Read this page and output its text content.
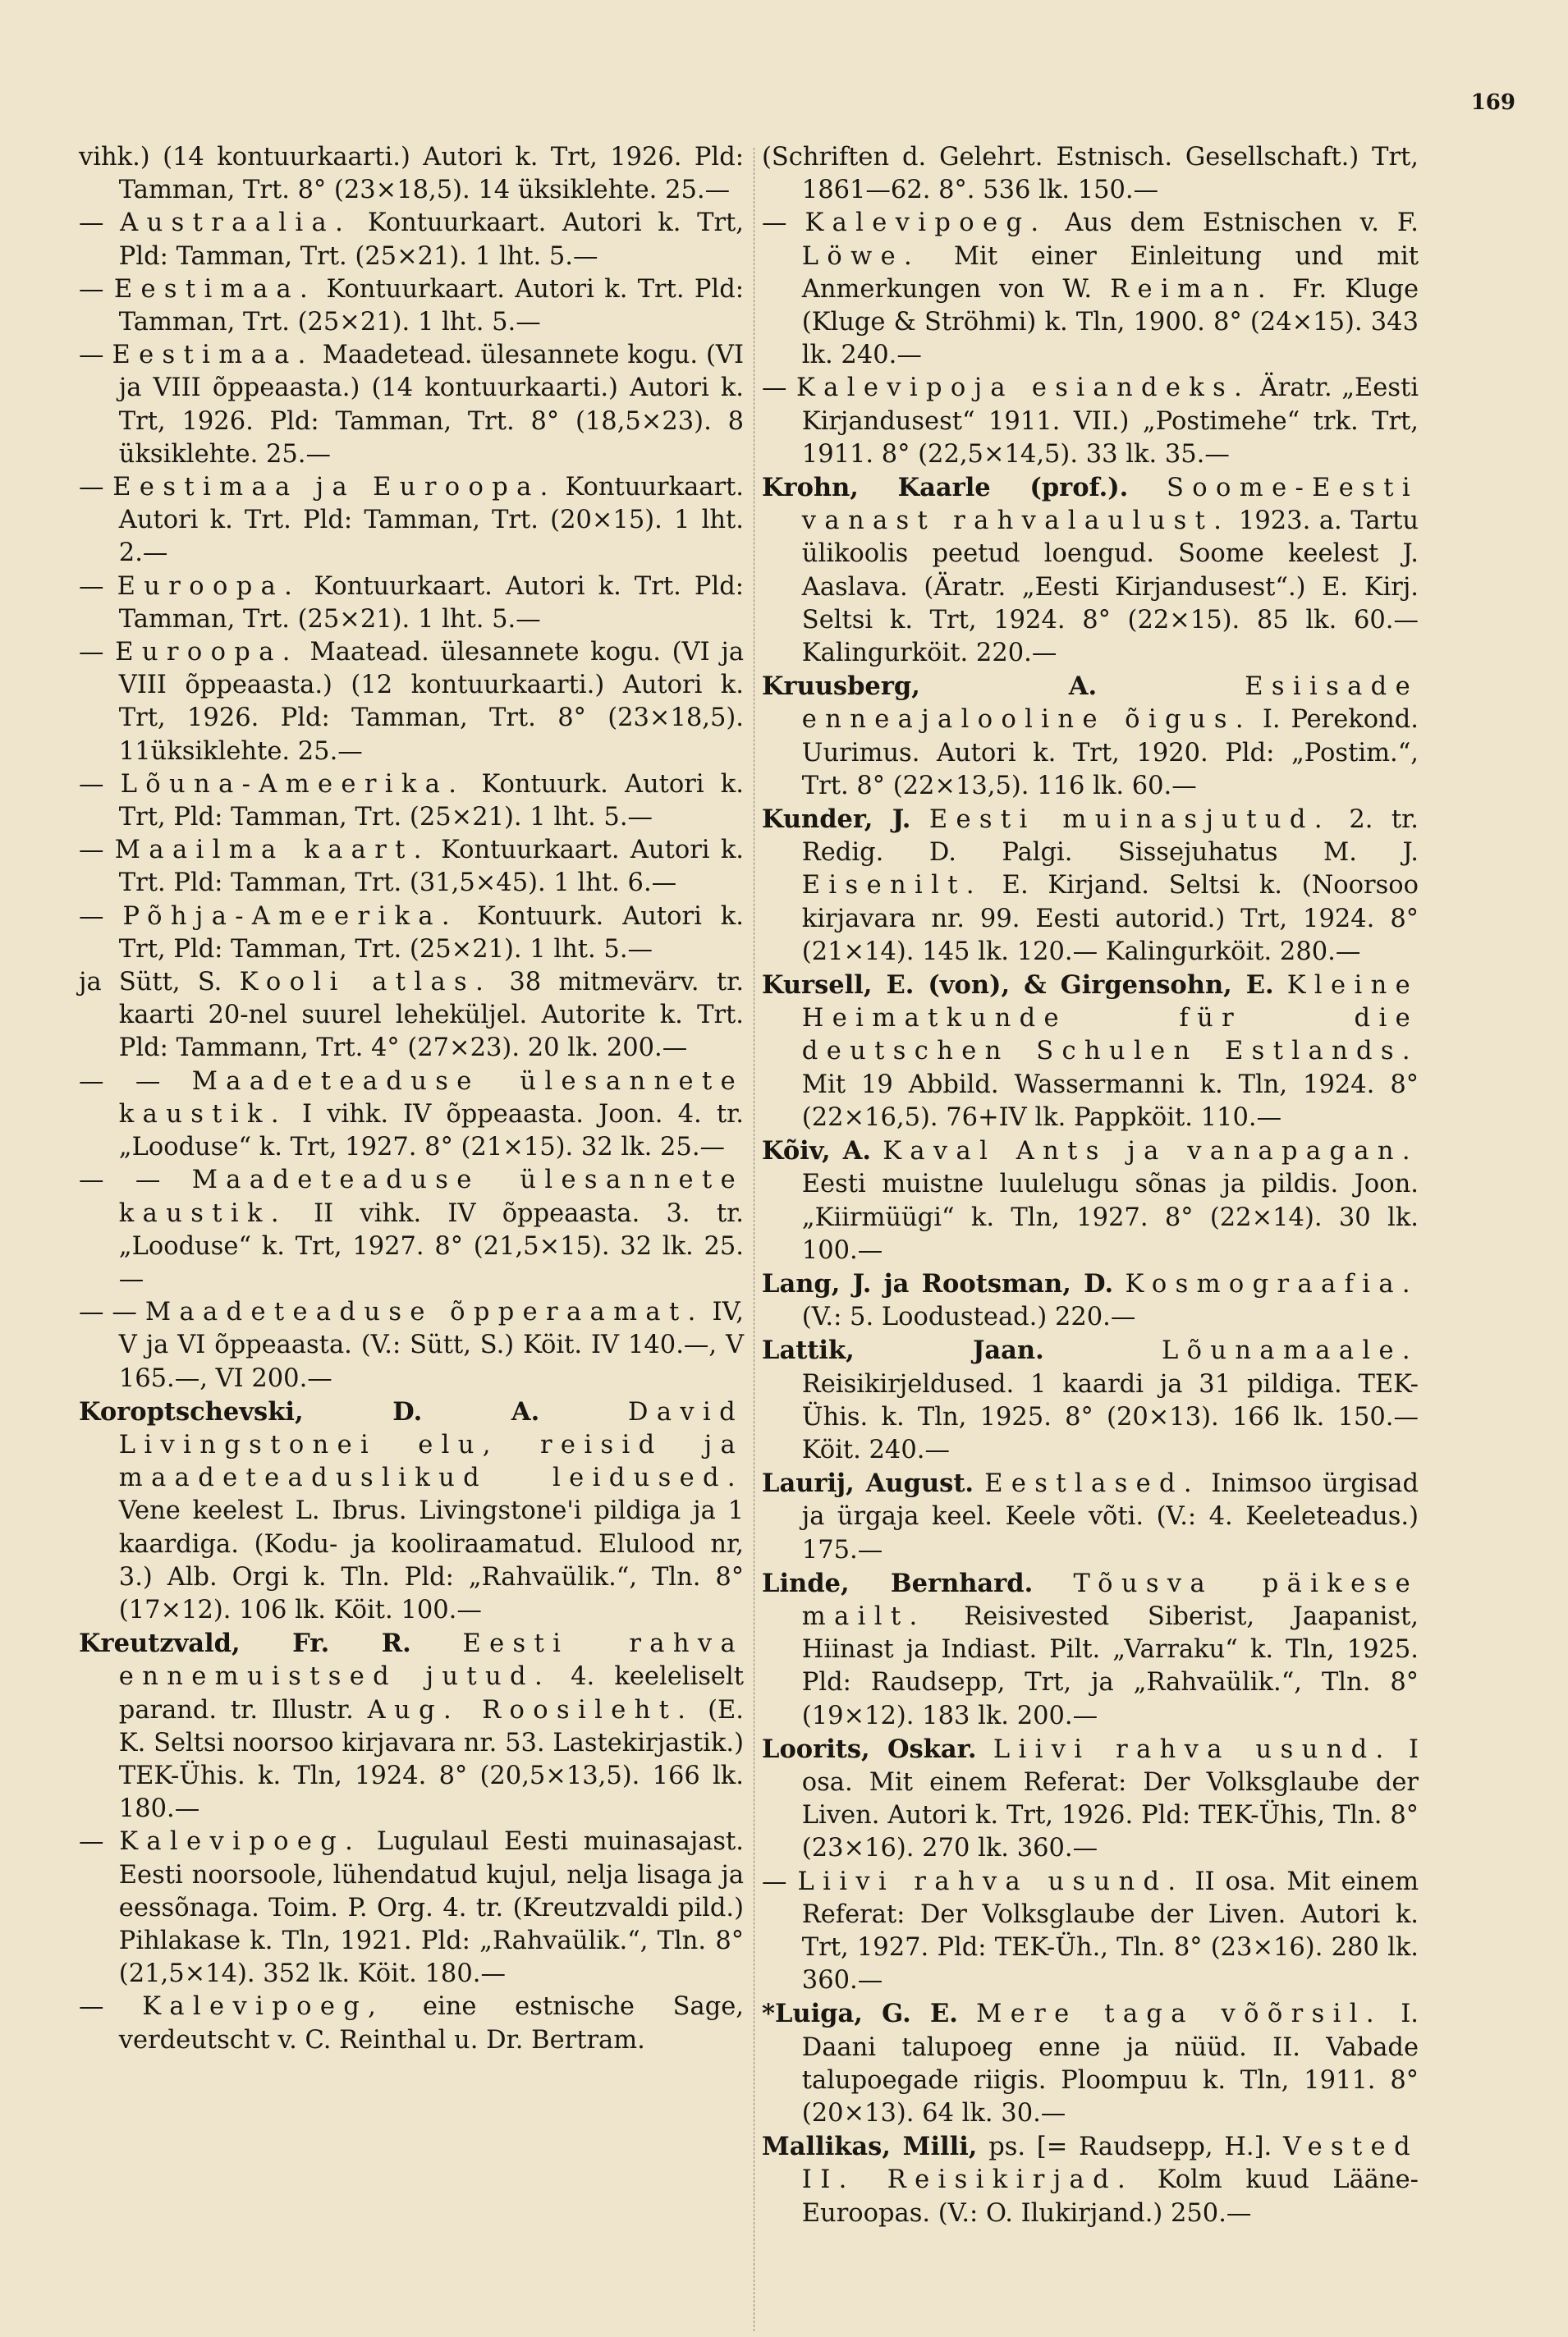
169

vihk.) (14 kontuurkaarti.) Autori k. Trt, 1926. Pld: Tamman, Trt. 8° (23×18,5). 14 üksiklehte. 25.—

— Austraalia. Kontuurkaart. Autori k. Trt, Pld: Tamman, Trt. (25×21). 1 lht. 5.—

— Eestimaa. Kontuurkaart. Autori k. Trt. Pld: Tamman, Trt. (25×21). 1 lht. 5.—

— Eestimaa. Maadetead. ülesannete kogu. (VI ja VIII õppeaasta.) (14 kontuurkaarti.) Autori k. Trt, 1926. Pld: Tamman, Trt. 8° (18,5×23). 8 üksiklehte. 25.—

— Eestimaa ja Euroopa. Kontuurkaart. Autori k. Trt. Pld: Tamman, Trt. (20×15). 1 lht. 2.—

— Euroopa. Kontuurkaart. Autori k. Trt. Pld: Tamman, Trt. (25×21). 1 lht. 5.—

— Euroopa. Maatead. ülesannete kogu. (VI ja VIII õppeaasta.) (12 kontuurkaarti.) Autori k. Trt, 1926. Pld: Tamman, Trt. 8° (23×18,5). 11üksiklehte. 25.—

— Lõuna-Ameerika. Kontuurk. Autori k. Trt, Pld: Tamman, Trt. (25×21). 1 lht. 5.—

— Maailma kaart. Kontuurkaart. Autori k. Trt. Pld: Tamman, Trt. (31,5×45). 1 lht. 6.—

— Põhja-Ameerika. Kontuurk. Autori k. Trt, Pld: Tamman, Trt. (25×21). 1 lht. 5.—

ja Sütt, S. Kooli atlas. 38 mitmevärv. tr. kaarti 20-nel suurel leheküljel. Autorite k. Trt. Pld: Tammann, Trt. 4° (27×23). 20 lk. 200.—

— — Maadeteaduse ülesannete kaustik. I vihk. IV õppeaasta. Joon. 4. tr. „Looduse“ k. Trt, 1927. 8° (21×15). 32 lk. 25.—

— — Maadeteaduse ülesannete kaustik. II vihk. IV õppeaasta. 3. tr. „Looduse“ k. Trt, 1927. 8° (21,5×15). 32 lk. 25.—

— — Maadeteaduse õpperaamat. IV, V ja VI õppeaasta. (V.: Sütt, S.) Köit. IV 140.—, V 165.—, VI 200.—

Koroptschevski, D. A.	David Livingstonei elu, reisid ja maadeteaduslikud leidused. Vene keelest L. Ibrus. Livingstone'i pildiga ja 1 kaardiga. (Kodu- ja kooliraamatud. Elulood nr, 3.) Alb. Orgi k. Tln. Pld: „Rahvaülik.“, Tln. 8° (17×12). 106 lk. Köit. 100.—

Kreutzvald, Fr. R. Eesti rahva ennemuistsed jutud. 4. keeleliselt parand. tr. Illustr. Aug. Roosileht. (E. K. Seltsi noorsoo kirjavara nr. 53. Lastekirjastik.) TEK-Ühis. k. Tln, 1924. 8° (20,5×13,5). 166 lk. 180.—

— Kalevipoeg. Lugulaul Eesti muinasajast. Eesti noorsoole, lühendatud kujul, nelja lisaga ja eessõnaga. Toim. P. Org. 4. tr. (Kreutzvaldi pild.) Pihlakase k. Tln, 1921. Pld: „Rahvaülik.“, Tln. 8° (21,5×14). 352 lk. Köit. 180.—

— Kalevipoeg, eine estnische Sage, verdeutscht v. C. Reinthal u. Dr. Bertram.

(Schriften d. Gelehrt. Estnisch. Gesellschaft.) Trt, 1861—62. 8°. 536 lk. 150.—

— Kalevipoeg. Aus dem Estnischen v. F. Löwe. Mit einer Einleitung und mit Anmerkungen von W. Reiman. Fr. Kluge (Kluge & Ströhmi) k. Tln, 1900. 8° (24×15). 343 lk. 240.—

— Kalevipoja esiandeks. Äratr. „Eesti Kirjandusest“ 1911. VII.) „Postimehe“ trk. Trt, 1911. 8° (22,5×14,5). 33 lk. 35.—

Krohn, Kaarle (prof.). Soome-Eesti vanast rahvalaulust. 1923. a. Tartu ülikoolis peetud loengud. Soome keelest J. Aaslava. (Äratr. „Eesti Kirjandusest“.) E. Kirj. Seltsi k. Trt, 1924. 8° (22×15). 85 lk. 60.— Kalingurköit. 220.—

Kruusberg, A.	Esiisade enneajalooline õigus. I. Perekond. Uurimus. Autori k. Trt, 1920. Pld: „Postim.“, Trt. 8° (22×13,5). 116 lk. 60.—

Kunder, J. Eesti muinasjutud. 2. tr. Redig. D. Palgi. Sissejuhatus M. J. Eisenilt. E. Kirjand. Seltsi k. (Noorsoo kirjavara nr. 99. Eesti autorid.) Trt, 1924. 8° (21×14). 145 lk. 120.— Kalingurköit. 280.—

Kursell, E. (von), & Girgensohn, E. Kleine Heimatkunde für die deutschen Schulen Estlands. Mit 19 Abbild. Wassermanni k. Tln, 1924. 8° (22×16,5). 76+IV lk. Pappköit. 110.—

Kõiv, A. Kaval Ants ja vanapagan. Eesti muistne luulelugu sõnas ja pildis. Joon. „Kiirmüügi“ k. Tln, 1927. 8° (22×14). 30 lk. 100.—

Lang, J. ja Rootsman, D. Kosmograafia. (V.: 5. Loodustead.) 220.—

Lattik, Jaan.	Lõunamaale. Reisikirjeldused. 1 kaardi ja 31 pildiga. TEK-Ühis. k. Tln, 1925. 8° (20×13). 166 lk. 150.— Köit. 240.—

Laurij, August. Eestlased. Inimsoo ürgisad ja ürgaja keel. Keele võti. (V.: 4. Keeleteadus.) 175.—

Linde, Bernhard. Tõusva päikese mailt. Reisivested Siberist, Jaapanist, Hiinast ja Indiast. Pilt. „Varraku“ k. Tln, 1925. Pld: Raudsepp, Trt, ja „Rahvaülik.“, Tln. 8° (19×12). 183 lk. 200.—

Loorits, Oskar. Liivi rahva usund. I osa. Mit einem Referat: Der Volksglaube der Liven. Autori k. Trt, 1926. Pld: TEK-Ühis, Tln. 8° (23×16). 270 lk. 360.—

— Liivi rahva usund. II osa. Mit einem Referat: Der Volksglaube der Liven. Autori k. Trt, 1927. Pld: TEK-Üh., Tln. 8° (23×16). 280 lk. 360.—

*Luiga, G. E. Mere taga võõrsil. I. Daani talupoeg enne ja nüüd. II. Vabade talupoegade riigis. Ploompuu k. Tln, 1911. 8° (20×13). 64 lk. 30.—

Mallikas, Milli, ps. [= Raudsepp, H.]. Vested II. Reisikirjad. Kolm kuud Lääne-Euroopas. (V.: O. Ilukirjand.) 250.—
